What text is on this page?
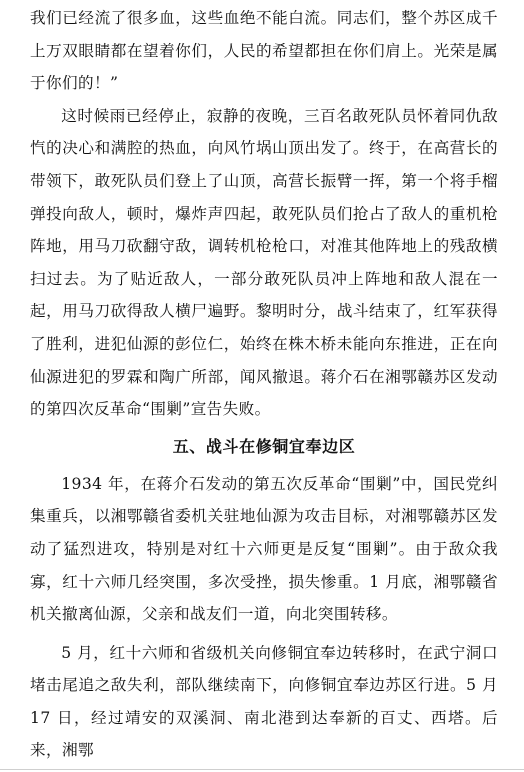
我们已经流了很多血，这些血绝不能白流。同志们，整个苏区成千上万双眼睛都在望着你们，人民的希望都担在你们肩上。光荣是属于你们的！”

这时候雨已经停止，寂静的夜晚，三百名敢死队员怀着同仇敌忾的决心和满腔的热血，向风竹埚山顶出发了。终于，在高营长的带领下，敢死队员们登上了山顶，高营长振臂一挥，第一个将手榴弹投向敌人，顿时，爆炸声四起，敢死队员们抢占了敌人的重机枪阵地，用马刀砍翻守敌，调转机枪枪口，对准其他阵地上的残敌横扫过去。为了贴近敌人，一部分敢死队员冲上阵地和敌人混在一起，用马刀砍得敌人横尸遍野。黎明时分，战斗结束了，红军获得了胜利，进犯仙源的彭位仁，始终在株木桥未能向东推进，正在向仙源进犯的罗霖和陶广所部，闻风撤退。蒋介石在湘鄂赣苏区发动的第四次反革命“围剿”宣告失败。

五、战斗在修铜宜奉边区

1934 年，在蒋介石发动的第五次反革命“围剿”中，国民党纠集重兵，以湘鄂赣省委机关驻地仙源为攻击目标，对湘鄂赣苏区发动了猛烈进攻，特别是对红十六师更是反复“围剿”。由于敌众我寡，红十六师几经突围，多次受挫，损失惨重。1 月底，湘鄂赣省机关撤离仙源，父亲和战友们一道，向北突围转移。

5 月，红十六师和省级机关向修铜宜奉边转移时，在武宁洞口堵击尾追之敌失利，部队继续南下，向修铜宜奉边苏区行进。5 月 17 日，经过靖安的双溪洞、南北港到达奉新的百丈、西塔。后来，湘鄂
